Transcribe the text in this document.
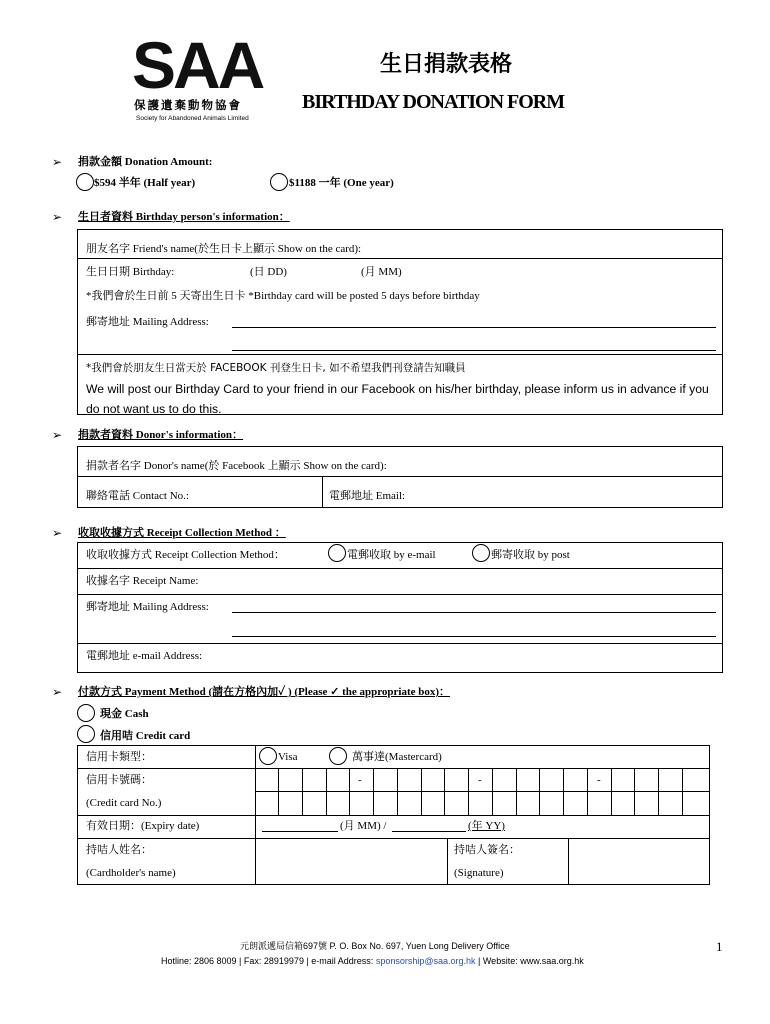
SAA
保護遺棄動物協會
Society for Abandoned Animals Limited
生日捐款表格
BIRTHDAY DONATION FORM
➢ 捐款金額 Donation Amount:
$594 半年 (Half year)	$1188 一年 (One year)
➢ 生日者資料 Birthday person's information：
朋友名字 Friend's name(於生日卡上顯示 Show on the card):
生日日期 Birthday:	(日 DD)	(月 MM)
*我們會於生日前 5 天寄出生日卡 *Birthday card will be posted 5 days before birthday
郵寄地址 Mailing Address:
*我們會於朋友生日當天於 FACEBOOK 刊登生日卡, 如不希望我們刊登請告知職員
We will post our Birthday Card to your friend in our Facebook on his/her birthday, please inform us in advance if you
do not want us to do this.
➢ 捐款者資料 Donor's information：
捐款者名字 Donor's name(於 Facebook 上顯示 Show on the card):
聯絡電話 Contact No.:	電郵地址 Email:
➢ 收取收據方式 Receipt Collection Method ：
收取收據方式 Receipt Collection Method：	電郵收取 by e-mail	郵寄收取 by post
收據名字 Receipt Name:
郵寄地址 Mailing Address:
電郵地址 e-mail Address:
➢ 付款方式 Payment Method (請在方格內加✓ ) (Please ✓ the appropriate box)：
現金 Cash
信用咭 Credit card
信用卡類型：	Visa	萬事達(Mastercard)
信用卡號碼：	-	-	-
(Credit card No.)
有效日期：(Expiry date)	(月 MM) /	(年 YY)
持咭人姓名：
(Cardholder's name)
持咭人簽名：
(Signature)
元朗派遞局信箱697號 P. O. Box No. 697, Yuen Long Delivery Office
Hotline: 2806 8009 | Fax: 28919979 | e-mail Address: sponsorship@saa.org.hk | Website: www.saa.org.hk
1
